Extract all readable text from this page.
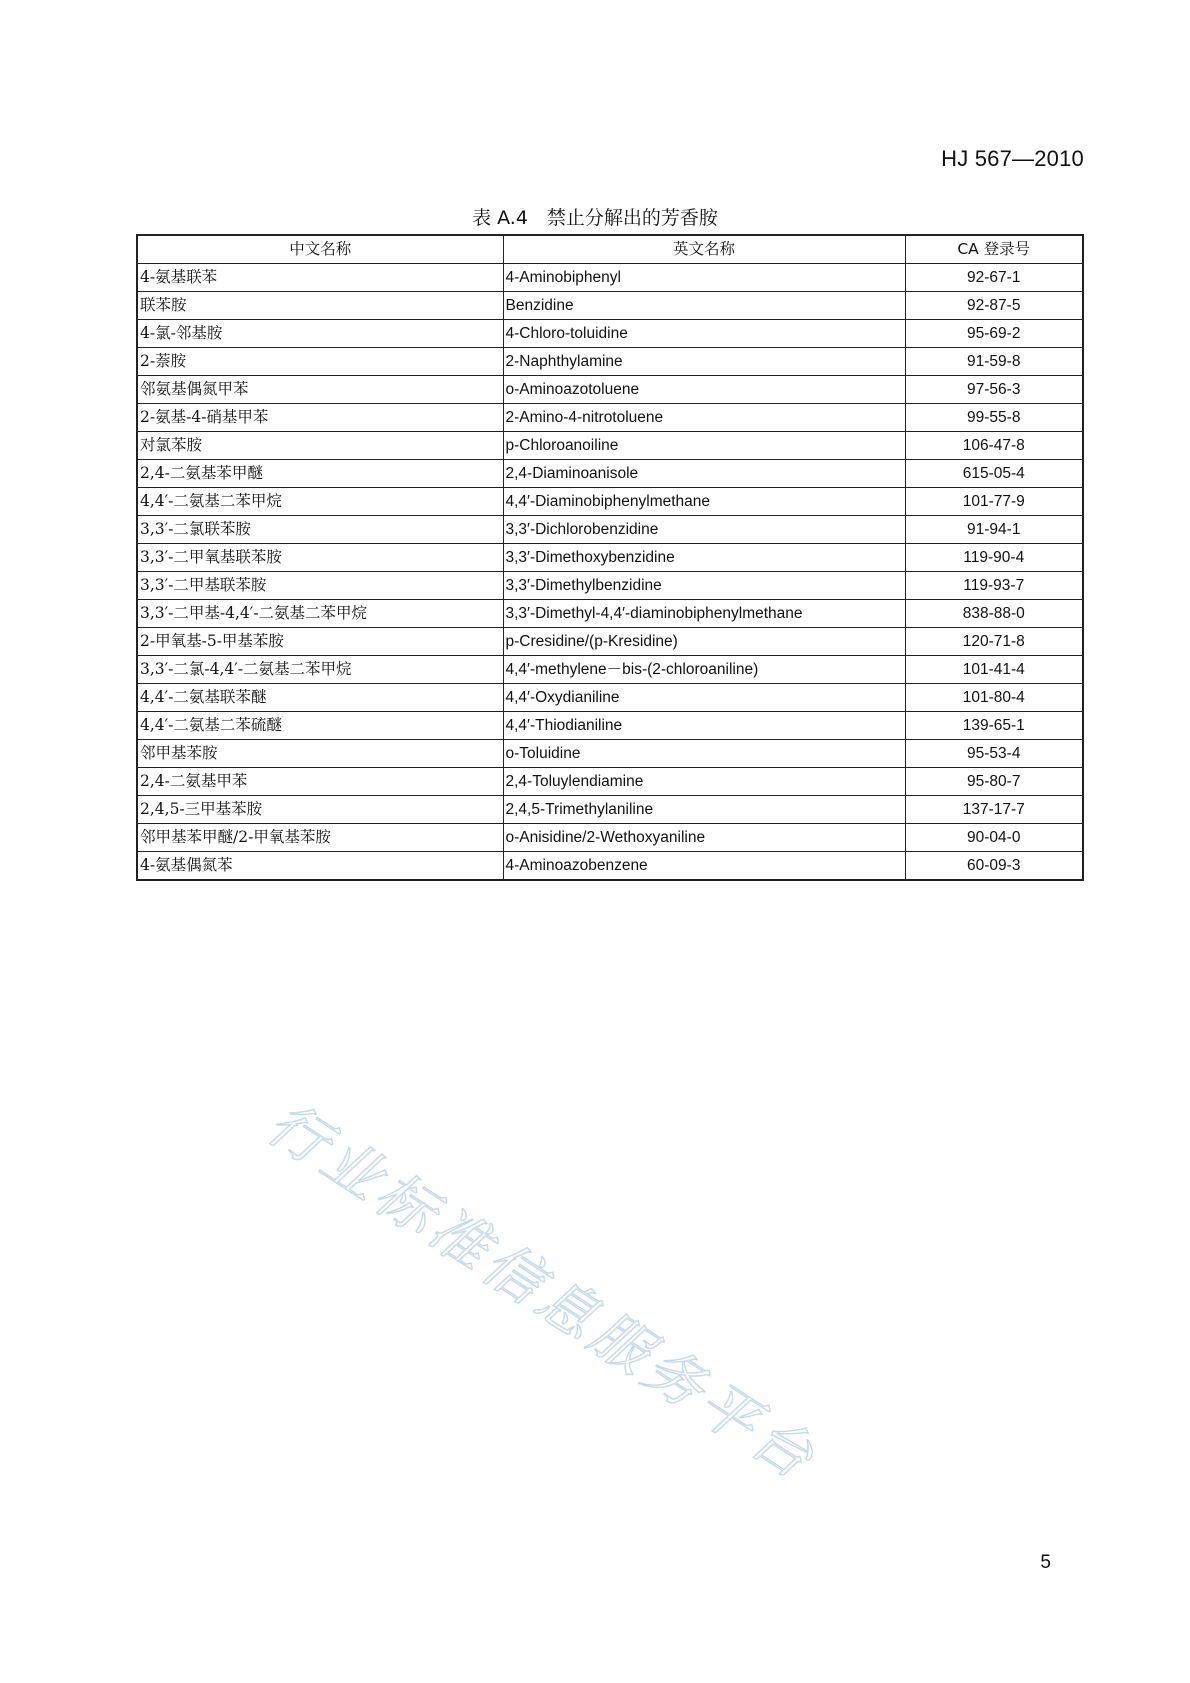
HJ 567—2010
表 A.4　禁止分解出的芳香胺
中文名称	英文名称	CA 登录号
4-氨基联苯	4-Aminobiphenyl	92-67-1
联苯胺	Benzidine	92-87-5
4-氯-邻基胺	4-Chloro-toluidine	95-69-2
2-萘胺	2-Naphthylamine	91-59-8
邻氨基偶氮甲苯	o-Aminoazotoluene	97-56-3
2-氨基-4-硝基甲苯	2-Amino-4-nitrotoluene	99-55-8
对氯苯胺	p-Chloroanoiline	106-47-8
2,4-二氨基苯甲醚	2,4-Diaminoanisole	615-05-4
4,4′-二氨基二苯甲烷	4,4′-Diaminobiphenylmethane	101-77-9
3,3′-二氯联苯胺	3,3′-Dichlorobenzidine	91-94-1
3,3′-二甲氧基联苯胺	3,3′-Dimethoxybenzidine	119-90-4
3,3′-二甲基联苯胺	3,3′-Dimethylbenzidine	119-93-7
3,3′-二甲基-4,4′-二氨基二苯甲烷	3,3′-Dimethyl-4,4′-diaminobiphenylmethane	838-88-0
2-甲氧基-5-甲基苯胺	p-Cresidine/(p-Kresidine)	120-71-8
3,3′-二氯-4,4′-二氨基二苯甲烷	4,4′-methylene－bis-(2-chloroaniline)	101-41-4
4,4′-二氨基联苯醚	4,4′-Oxydianiline	101-80-4
4,4′-二氨基二苯硫醚	4,4′-Thiodianiline	139-65-1
邻甲基苯胺	o-Toluidine	95-53-4
2,4-二氨基甲苯	2,4-Toluylendiamine	95-80-7
2,4,5-三甲基苯胺	2,4,5-Trimethylaniline	137-17-7
邻甲基苯甲醚/2-甲氧基苯胺	o-Anisidine/2-Wethoxyaniline	90-04-0
4-氨基偶氮苯	4-Aminoazobenzene	60-09-3
行业标准信息服务平台
5
